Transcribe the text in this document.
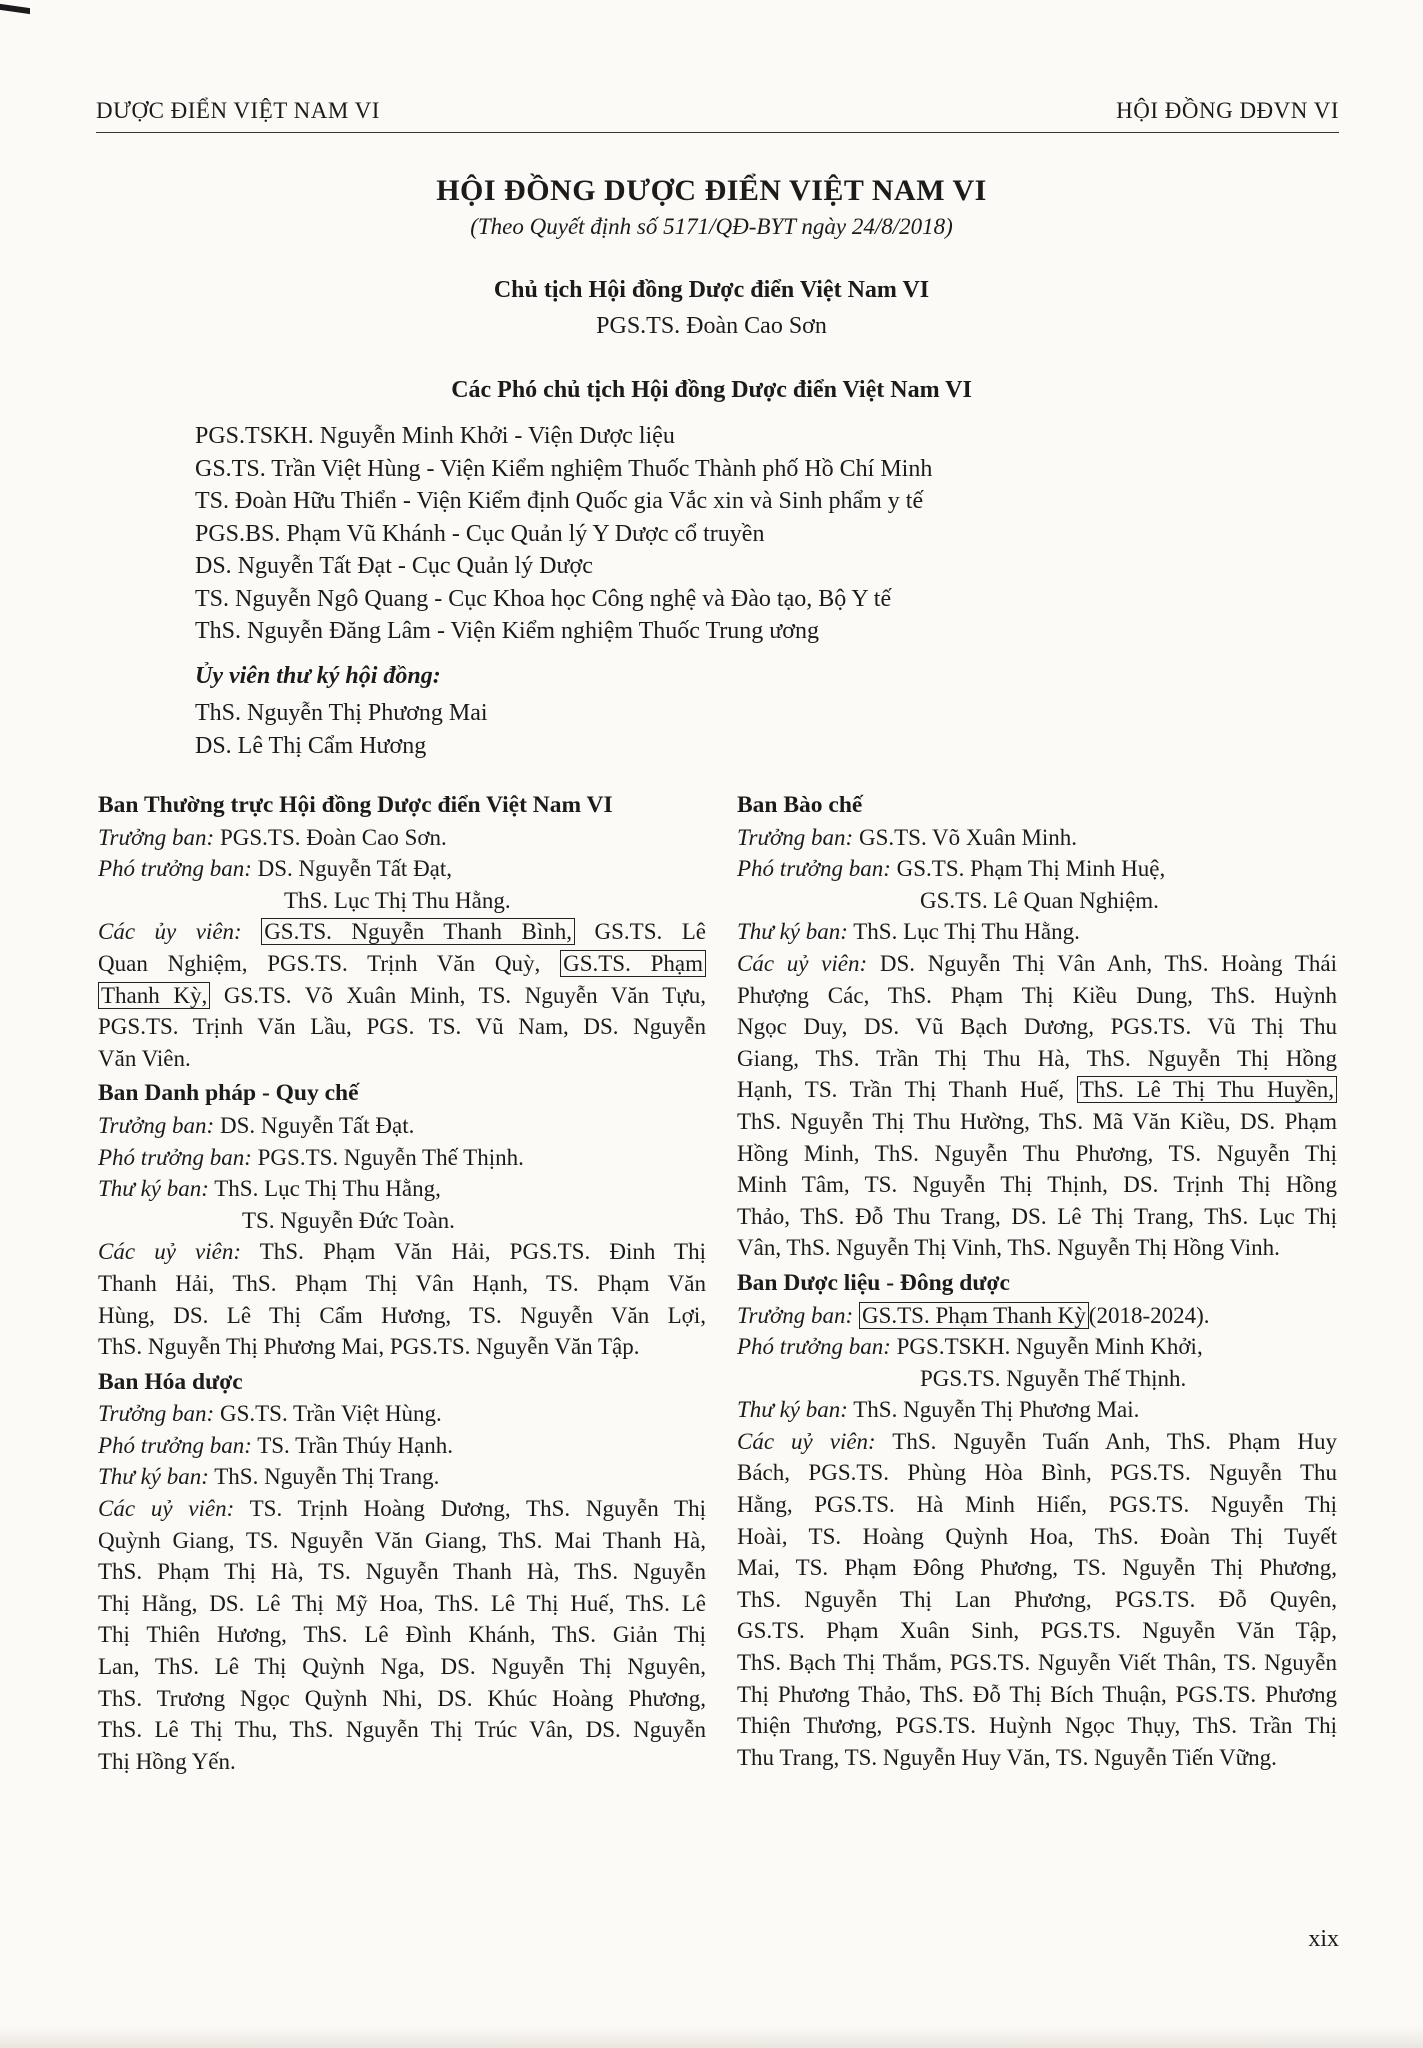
DƯỢC ĐIỂN VIỆT NAM VI	HỘI ĐỒNG DĐVN VI
HỘI ĐỒNG DƯỢC ĐIỂN VIỆT NAM VI
(Theo Quyết định số 5171/QĐ-BYT ngày 24/8/2018)
Chủ tịch Hội đồng Dược điển Việt Nam VI
PGS.TS. Đoàn Cao Sơn
Các Phó chủ tịch Hội đồng Dược điển Việt Nam VI
PGS.TSKH. Nguyễn Minh Khởi - Viện Dược liệu
GS.TS. Trần Việt Hùng - Viện Kiểm nghiệm Thuốc Thành phố Hồ Chí Minh
TS. Đoàn Hữu Thiển - Viện Kiểm định Quốc gia Vắc xin và Sinh phẩm y tế
PGS.BS. Phạm Vũ Khánh - Cục Quản lý Y Dược cổ truyền
DS. Nguyễn Tất Đạt - Cục Quản lý Dược
TS. Nguyễn Ngô Quang - Cục Khoa học Công nghệ và Đào tạo, Bộ Y tế
ThS. Nguyễn Đăng Lâm - Viện Kiểm nghiệm Thuốc Trung ương
Ủy viên thư ký hội đồng:
ThS. Nguyễn Thị Phương Mai
DS. Lê Thị Cẩm Hương
Ban Thường trực Hội đồng Dược điển Việt Nam VI
Trưởng ban: PGS.TS. Đoàn Cao Sơn.
Phó trưởng ban: DS. Nguyễn Tất Đạt,
ThS. Lục Thị Thu Hằng.
Các ủy viên: GS.TS. Nguyễn Thanh Bình, GS.TS. Lê
Quan Nghiệm, PGS.TS. Trịnh Văn Quỳ, GS.TS. Phạm
Thanh Kỳ, GS.TS. Võ Xuân Minh, TS. Nguyễn Văn Tựu,
PGS.TS. Trịnh Văn Lầu, PGS. TS. Vũ Nam, DS. Nguyễn
Văn Viên.
Ban Danh pháp - Quy chế
Trưởng ban: DS. Nguyễn Tất Đạt.
Phó trưởng ban: PGS.TS. Nguyễn Thế Thịnh.
Thư ký ban: ThS. Lục Thị Thu Hằng,
TS. Nguyễn Đức Toàn.
Các uỷ viên: ThS. Phạm Văn Hải, PGS.TS. Đinh Thị
Thanh Hải, ThS. Phạm Thị Vân Hạnh, TS. Phạm Văn
Hùng, DS. Lê Thị Cẩm Hương, TS. Nguyễn Văn Lợi,
ThS. Nguyễn Thị Phương Mai, PGS.TS. Nguyễn Văn Tập.
Ban Hóa dược
Trưởng ban: GS.TS. Trần Việt Hùng.
Phó trưởng ban: TS. Trần Thúy Hạnh.
Thư ký ban: ThS. Nguyễn Thị Trang.
Các uỷ viên: TS. Trịnh Hoàng Dương, ThS. Nguyễn Thị
Quỳnh Giang, TS. Nguyễn Văn Giang, ThS. Mai Thanh Hà,
ThS. Phạm Thị Hà, TS. Nguyễn Thanh Hà, ThS. Nguyễn
Thị Hằng, DS. Lê Thị Mỹ Hoa, ThS. Lê Thị Huế, ThS. Lê
Thị Thiên Hương, ThS. Lê Đình Khánh, ThS. Giản Thị
Lan, ThS. Lê Thị Quỳnh Nga, DS. Nguyễn Thị Nguyên,
ThS. Trương Ngọc Quỳnh Nhi, DS. Khúc Hoàng Phương,
ThS. Lê Thị Thu, ThS. Nguyễn Thị Trúc Vân, DS. Nguyễn
Thị Hồng Yến.
Ban Bào chế
Trưởng ban: GS.TS. Võ Xuân Minh.
Phó trưởng ban: GS.TS. Phạm Thị Minh Huệ,
GS.TS. Lê Quan Nghiệm.
Thư ký ban: ThS. Lục Thị Thu Hằng.
Các uỷ viên: DS. Nguyễn Thị Vân Anh, ThS. Hoàng Thái
Phượng Các, ThS. Phạm Thị Kiều Dung, ThS. Huỳnh
Ngọc Duy, DS. Vũ Bạch Dương, PGS.TS. Vũ Thị Thu
Giang, ThS. Trần Thị Thu Hà, ThS. Nguyễn Thị Hồng
Hạnh, TS. Trần Thị Thanh Huế, ThS. Lê Thị Thu Huyền,
ThS. Nguyễn Thị Thu Hường, ThS. Mã Văn Kiều, DS. Phạm
Hồng Minh, ThS. Nguyễn Thu Phương, TS. Nguyễn Thị
Minh Tâm, TS. Nguyễn Thị Thịnh, DS. Trịnh Thị Hồng
Thảo, ThS. Đỗ Thu Trang, DS. Lê Thị Trang, ThS. Lục Thị
Vân, ThS. Nguyễn Thị Vinh, ThS. Nguyễn Thị Hồng Vinh.
Ban Dược liệu - Đông dược
Trưởng ban: GS.TS. Phạm Thanh Kỳ (2018-2024).
Phó trưởng ban: PGS.TSKH. Nguyễn Minh Khởi,
PGS.TS. Nguyễn Thế Thịnh.
Thư ký ban: ThS. Nguyễn Thị Phương Mai.
Các uỷ viên: ThS. Nguyễn Tuấn Anh, ThS. Phạm Huy
Bách, PGS.TS. Phùng Hòa Bình, PGS.TS. Nguyễn Thu
Hằng, PGS.TS. Hà Minh Hiển, PGS.TS. Nguyễn Thị
Hoài, TS. Hoàng Quỳnh Hoa, ThS. Đoàn Thị Tuyết
Mai, TS. Phạm Đông Phương, TS. Nguyễn Thị Phương,
ThS. Nguyễn Thị Lan Phương, PGS.TS. Đỗ Quyên,
GS.TS. Phạm Xuân Sinh, PGS.TS. Nguyễn Văn Tập,
ThS. Bạch Thị Thắm, PGS.TS. Nguyễn Viết Thân, TS. Nguyễn
Thị Phương Thảo, ThS. Đỗ Thị Bích Thuận, PGS.TS. Phương
Thiện Thương, PGS.TS. Huỳnh Ngọc Thụy, ThS. Trần Thị
Thu Trang, TS. Nguyễn Huy Văn, TS. Nguyễn Tiến Vững.
xix
